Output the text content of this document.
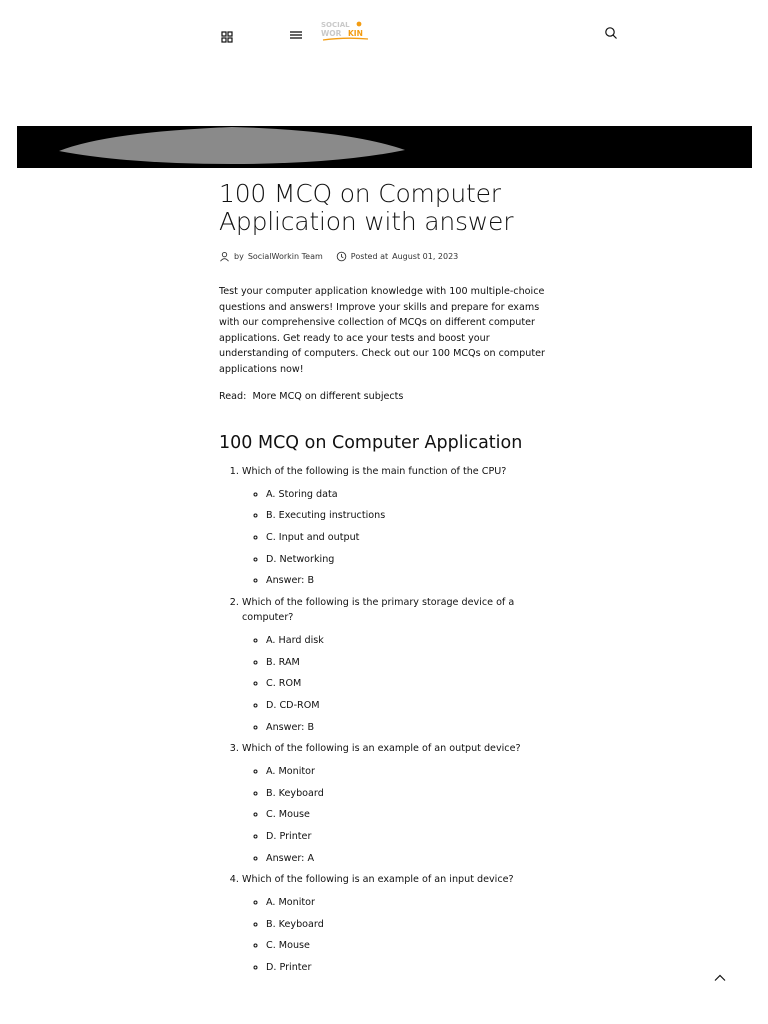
SOCIAL
WOR KIN
100 MCQ on Computer Application with answer
by SocialWorkin Team	Posted at August 01, 2023

Test your computer application knowledge with 100 multiple-choice questions and answers! Improve your skills and prepare for exams with our comprehensive collection of MCQs on different computer applications. Get ready to ace your tests and boost your understanding of computers. Check out our 100 MCQs on computer applications now!

Read: More MCQ on different subjects
100 MCQ on Computer Application
1. Which of the following is the main function of the CPU?
◦ A. Storing data
◦ B. Executing instructions
◦ C. Input and output
◦ D. Networking
◦ Answer: B
2. Which of the following is the primary storage device of a computer?
◦ A. Hard disk
◦ B. RAM
◦ C. ROM
◦ D. CD-ROM
◦ Answer: B
3. Which of the following is an example of an output device?
◦ A. Monitor
◦ B. Keyboard
◦ C. Mouse
◦ D. Printer
◦ Answer: A
4. Which of the following is an example of an input device?
◦ A. Monitor
◦ B. Keyboard
◦ C. Mouse
◦ D. Printer
